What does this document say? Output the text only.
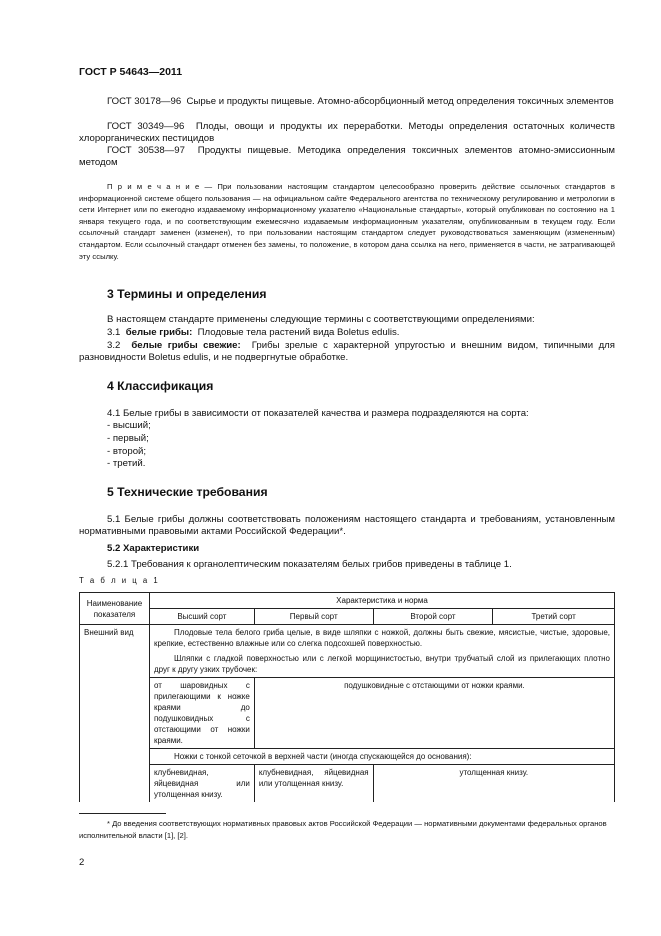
ГОСТ Р 54643—2011
ГОСТ 30178—96 Сырье и продукты пищевые. Атомно-абсорбционный метод определения токсичных элементов
ГОСТ 30349—96 Плоды, овощи и продукты их переработки. Методы определения остаточных количеств хлорорганических пестицидов
ГОСТ 30538—97 Продукты пищевые. Методика определения токсичных элементов атомно-эмиссионным методом
П р и м е ч а н и е — При пользовании настоящим стандартом целесообразно проверить действие ссылочных стандартов в информационной системе общего пользования — на официальном сайте Федерального агентства по техническому регулированию и метрологии в сети Интернет или по ежегодно издаваемому информационному указателю «Национальные стандарты», который опубликован по состоянию на 1 января текущего года, и по соответствующим ежемесячно издаваемым информационным указателям, опубликованным в текущем году. Если ссылочный стандарт заменен (изменен), то при пользовании настоящим стандартом следует руководствоваться заменяющим (измененным) стандартом. Если ссылочный стандарт отменен без замены, то положение, в котором дана ссылка на него, применяется в части, не затрагивающей эту ссылку.
3 Термины и определения
В настоящем стандарте применены следующие термины с соответствующими определениями:
3.1 белые грибы: Плодовые тела растений вида Boletus edulis.
3.2 белые грибы свежие: Грибы зрелые с характерной упругостью и внешним видом, типичными для разновидности Boletus edulis, и не подвергнутые обработке.
4 Классификация
4.1 Белые грибы в зависимости от показателей качества и размера подразделяются на сорта:
- высший;
- первый;
- второй;
- третий.
5 Технические требования
5.1 Белые грибы должны соответствовать положениям настоящего стандарта и требованиям, установленным нормативными правовыми актами Российской Федерации*.
5.2 Характеристики
5.2.1 Требования к органолептическим показателям белых грибов приведены в таблице 1.
Т а б л и ц а 1
Наименование показателя	Характеристика и норма			
	Высший сорт	Первый сорт	Второй сорт	Третий сорт
Внешний вид	Плодовые тела белого гриба целые, в виде шляпки с ножкой, должны быть свежие, мясистые, чистые, здоровые, крепкие, естественно влажные или со слегка подсохшей поверхностью.			
	Шляпки с гладкой поверхностью или с легкой морщинистостью, внутри трубчатый слой из прилегающих плотно друг к другу узких трубочек:			
	от шаровидных с прилегающими к ножке краями до подушковидных с отстающими от ножки краями.	подушковидные с отстающими от ножки краями.		
	Ножки с тонкой сеточкой в верхней части (иногда спускающейся до основания):			
	клубневидная, яйцевидная или утолщенная книзу.	клубневидная, яйцевидная или утолщенная книзу.	утолщенная книзу.	
* До введения соответствующих нормативных правовых актов Российской Федерации — нормативными документами федеральных органов исполнительной власти [1], [2].
2
